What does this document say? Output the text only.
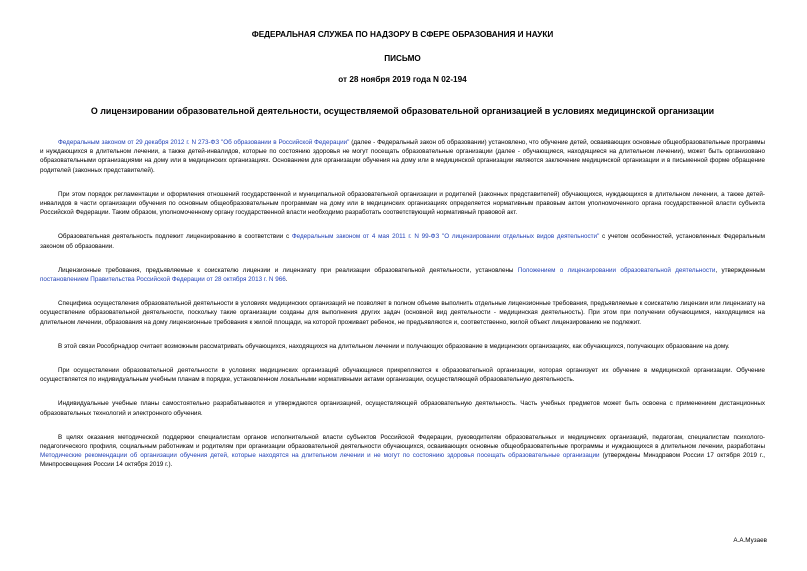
ФЕДЕРАЛЬНАЯ СЛУЖБА ПО НАДЗОРУ В СФЕРЕ ОБРАЗОВАНИЯ И НАУКИ

ПИСЬМО

от 28 ноября 2019 года N 02-194

О лицензировании образовательной деятельности, осуществляемой образовательной организацией в условиях медицинской организации

Федеральным законом от 29 декабря 2012 г. N 273-ФЗ "Об образовании в Российской Федерации" (далее - Федеральный закон об образовании) установлено, что обучение детей, осваивающих основные общеобразовательные программы и нуждающихся в длительном лечении, а также детей-инвалидов, которые по состоянию здоровья не могут посещать образовательные организации (далее - обучающиеся, находящиеся на длительном лечении), может быть организовано образовательными организациями на дому или в медицинских организациях. Основанием для организации обучения на дому или в медицинской организации являются заключение медицинской организации и в письменной форме обращение родителей (законных представителей).

При этом порядок регламентации и оформления отношений государственной и муниципальной образовательной организации и родителей (законных представителей) обучающихся, нуждающихся в длительном лечении, а также детей-инвалидов в части организации обучения по основным общеобразовательным программам на дому или в медицинских организациях определяется нормативным правовым актом уполномоченного органа государственной власти субъекта Российской Федерации. Таким образом, уполномоченному органу государственной власти необходимо разработать соответствующий нормативный правовой акт.

Образовательная деятельность подлежит лицензированию в соответствии с Федеральным законом от 4 мая 2011 г. N 99-ФЗ "О лицензировании отдельных видов деятельности" с учетом особенностей, установленных Федеральным законом об образовании.

Лицензионные требования, предъявляемые к соискателю лицензии и лицензиату при реализации образовательной деятельности, установлены Положением о лицензировании образовательной деятельности, утвержденным постановлением Правительства Российской Федерации от 28 октября 2013 г. N 966.

Специфика осуществления образовательной деятельности в условиях медицинских организаций не позволяет в полном объеме выполнить отдельные лицензионные требования, предъявляемые к соискателю лицензии или лицензиату на осуществление образовательной деятельности, поскольку такие организации созданы для выполнения других задач (основной вид деятельности - медицинская деятельность). При этом при получении обучающимся, находящимся на длительном лечении, образования на дому лицензионные требования к жилой площади, на которой проживает ребенок, не предъявляются и, соответственно, жилой объект лицензированию не подлежит.

В этой связи Рособрнадзор считает возможным рассматривать обучающихся, находящихся на длительном лечении и получающих образование в медицинских организациях, как обучающихся, получающих образование на дому.

При осуществлении образовательной деятельности в условиях медицинских организаций обучающиеся прикрепляются к образовательной организации, которая организует их обучение в медицинской организации. Обучение осуществляется по индивидуальным учебным планам в порядке, установленном локальными нормативными актами организации, осуществляющей образовательную деятельность.

Индивидуальные учебные планы самостоятельно разрабатываются и утверждаются организацией, осуществляющей образовательную деятельность. Часть учебных предметов может быть освоена с применением дистанционных образовательных технологий и электронного обучения.

В целях оказания методической поддержки специалистам органов исполнительной власти субъектов Российской Федерации, руководителям образовательных и медицинских организаций, педагогам, специалистам психолого-педагогического профиля, социальным работникам и родителям при организации образовательной деятельности обучающихся, осваивающих основные общеобразовательные программы и нуждающихся в длительном лечении, разработаны Методические рекомендации об организации обучения детей, которые находятся на длительном лечении и не могут по состоянию здоровья посещать образовательные организации (утверждены Минздравом России 17 октября 2019 г., Минпросвещения России 14 октября 2019 г.).

А.А.Музаев
